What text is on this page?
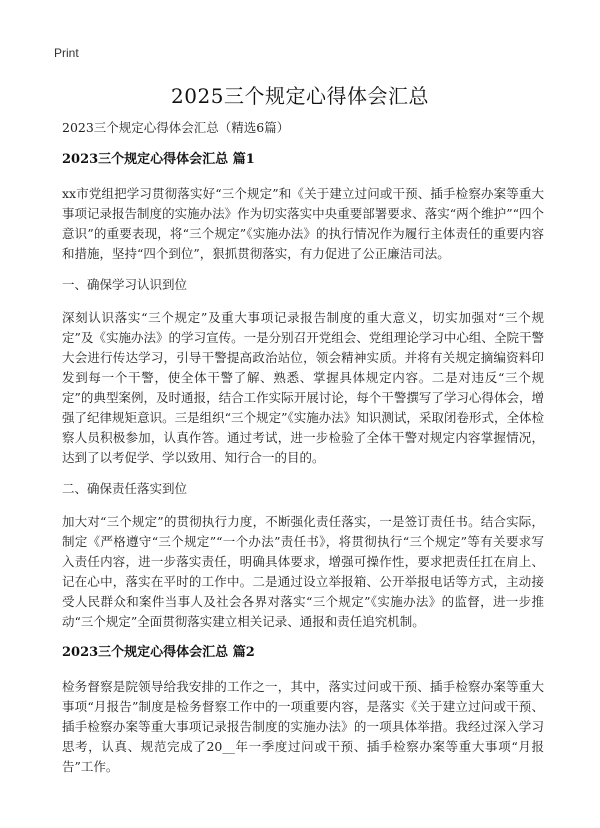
Print
2025三个规定心得体会汇总

2023三个规定心得体会汇总（精选6篇）

2023三个规定心得体会汇总 篇1

xx市党组把学习贯彻落实好“三个规定”和《关于建立过问或干预、插手检察办案等重大事项记录报告制度的实施办法》作为切实落实中央重要部署要求、落实“两个维护”“四个意识”的重要表现，将“三个规定”《实施办法》的执行情况作为履行主体责任的重要内容和措施，坚持“四个到位”，狠抓贯彻落实，有力促进了公正廉洁司法。

一、确保学习认识到位

深刻认识落实“三个规定”及重大事项记录报告制度的重大意义，切实加强对“三个规定”及《实施办法》的学习宣传。一是分别召开党组会、党组理论学习中心组、全院干警大会进行传达学习，引导干警提高政治站位，领会精神实质。并将有关规定摘编资料印发到每一个干警，使全体干警了解、熟悉、掌握具体规定内容。二是对违反“三个规定”的典型案例，及时通报，结合工作实际开展讨论，每个干警撰写了学习心得体会，增强了纪律规矩意识。三是组织“三个规定”《实施办法》知识测试，采取闭卷形式，全体检察人员积极参加，认真作答。通过考试，进一步检验了全体干警对规定内容掌握情况，达到了以考促学、学以致用、知行合一的目的。

二、确保责任落实到位

加大对“三个规定”的贯彻执行力度，不断强化责任落实，一是签订责任书。结合实际，制定《严格遵守“三个规定”“一个办法”责任书》，将贯彻执行“三个规定”等有关要求写入责任内容，进一步落实责任，明确具体要求，增强可操作性，要求把责任扛在肩上、记在心中，落实在平时的工作中。二是通过设立举报箱、公开举报电话等方式，主动接受人民群众和案件当事人及社会各界对落实“三个规定”《实施办法》的监督，进一步推动“三个规定”全面贯彻落实建立相关记录、通报和责任追究机制。

2023三个规定心得体会汇总 篇2

检务督察是院领导给我安排的工作之一，其中，落实过问或干预、插手检察办案等重大事项“月报告”制度是检务督察工作中的一项重要内容，是落实《关于建立过问或干预、插手检察办案等重大事项记录报告制度的实施办法》的一项具体举措。我经过深入学习思考，认真、规范完成了20__年一季度过问或干预、插手检察办案等重大事项“月报告”工作。
